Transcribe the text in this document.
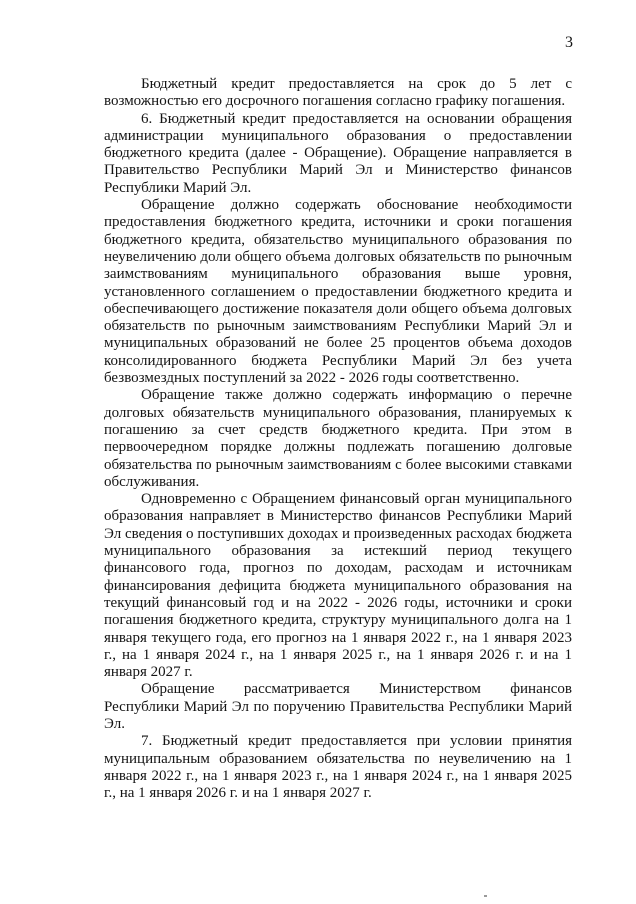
3

Бюджетный кредит предоставляется на срок до 5 лет с возможностью его досрочного погашения согласно графику погашения.

6. Бюджетный кредит предоставляется на основании обращения администрации муниципального образования о предоставлении бюджетного кредита (далее - Обращение). Обращение направляется в Правительство Республики Марий Эл и Министерство финансов Республики Марий Эл.

Обращение должно содержать обоснование необходимости предоставления бюджетного кредита, источники и сроки погашения бюджетного кредита, обязательство муниципального образования по неувеличению доли общего объема долговых обязательств по рыночным заимствованиям муниципального образования выше уровня, установленного соглашением о предоставлении бюджетного кредита и обеспечивающего достижение показателя доли общего объема долговых обязательств по рыночным заимствованиям Республики Марий Эл и муниципальных образований не более 25 процентов объема доходов консолидированного бюджета Республики Марий Эл без учета безвозмездных поступлений за 2022 - 2026 годы соответственно.

Обращение также должно содержать информацию о перечне долговых обязательств муниципального образования, планируемых к погашению за счет средств бюджетного кредита. При этом в первоочередном порядке должны подлежать погашению долговые обязательства по рыночным заимствованиям с более высокими ставками обслуживания.

Одновременно с Обращением финансовый орган муниципального образования направляет в Министерство финансов Республики Марий Эл сведения о поступивших доходах и произведенных расходах бюджета муниципального образования за истекший период текущего финансового года, прогноз по доходам, расходам и источникам финансирования дефицита бюджета муниципального образования на текущий финансовый год и на 2022 - 2026 годы, источники и сроки погашения бюджетного кредита, структуру муниципального долга на 1 января текущего года, его прогноз на 1 января 2022 г., на 1 января 2023 г., на 1 января 2024 г., на 1 января 2025 г., на 1 января 2026 г. и на 1 января 2027 г.

Обращение рассматривается Министерством финансов Республики Марий Эл по поручению Правительства Республики Марий Эл.

7. Бюджетный кредит предоставляется при условии принятия муниципальным образованием обязательства по неувеличению на 1 января 2022 г., на 1 января 2023 г., на 1 января 2024 г., на 1 января 2025 г., на 1 января 2026 г. и на 1 января 2027 г.
